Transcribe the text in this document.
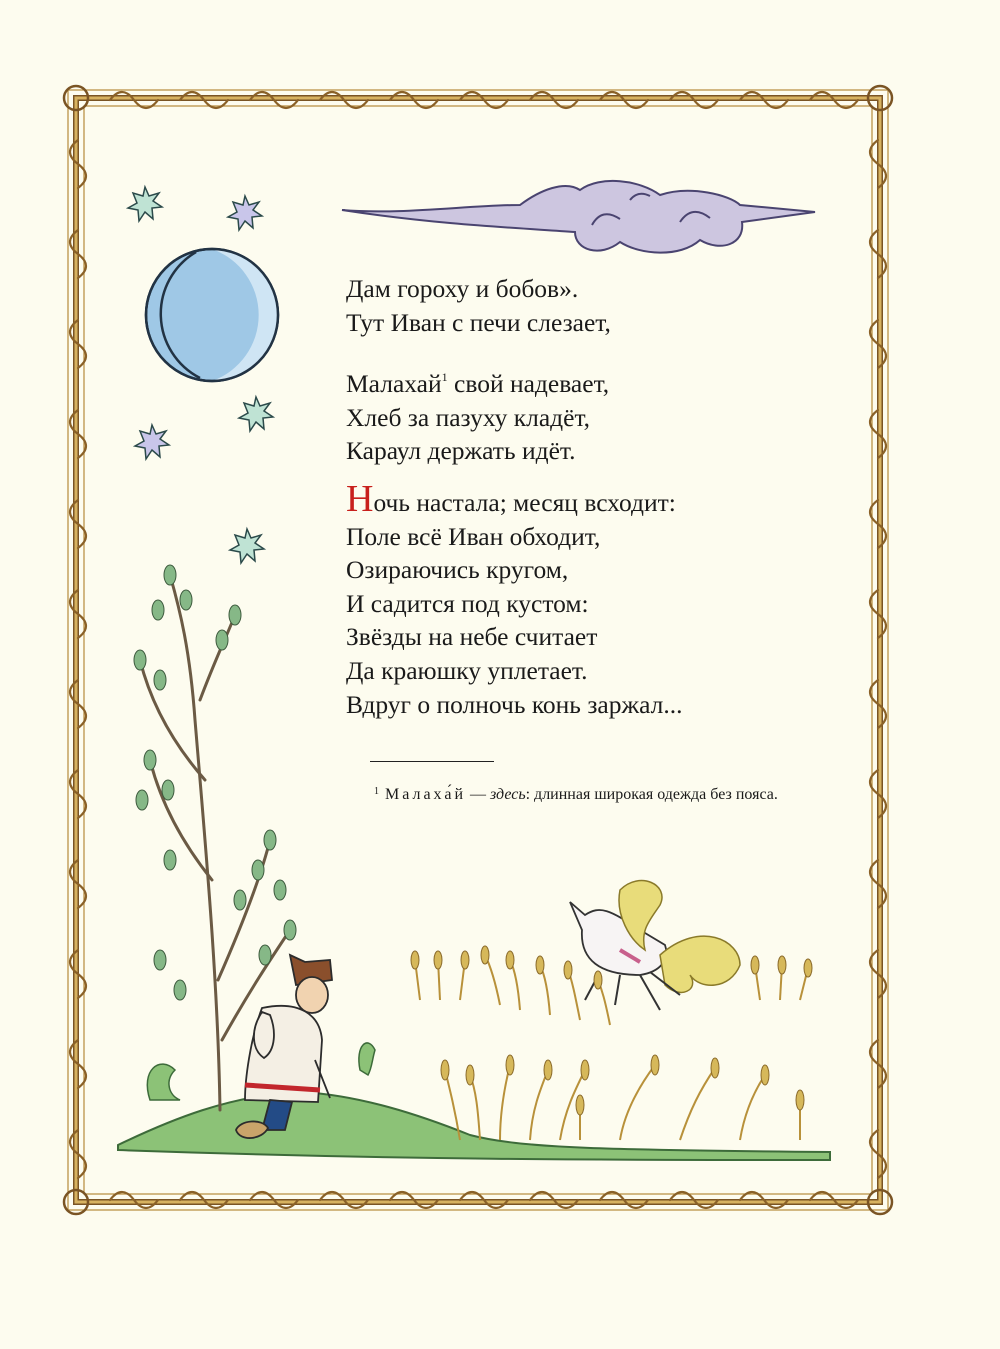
Дам гороху и бобов».
Тут Иван с печи слезает,
Малахай$^1$ свой надевает,
Хлеб за пазуху кладёт,
Караул держать идёт.
Ночь настала; месяц всходит:
Поле всё Иван обходит,
Озираючись кругом,
И садится под кустом:
Звёзды на небе считает
Да краюшку уплетает.
Вдруг о полночь конь заржал...
$^1$ Малаха́й — здесь: длинная широкая одежда без пояса.
